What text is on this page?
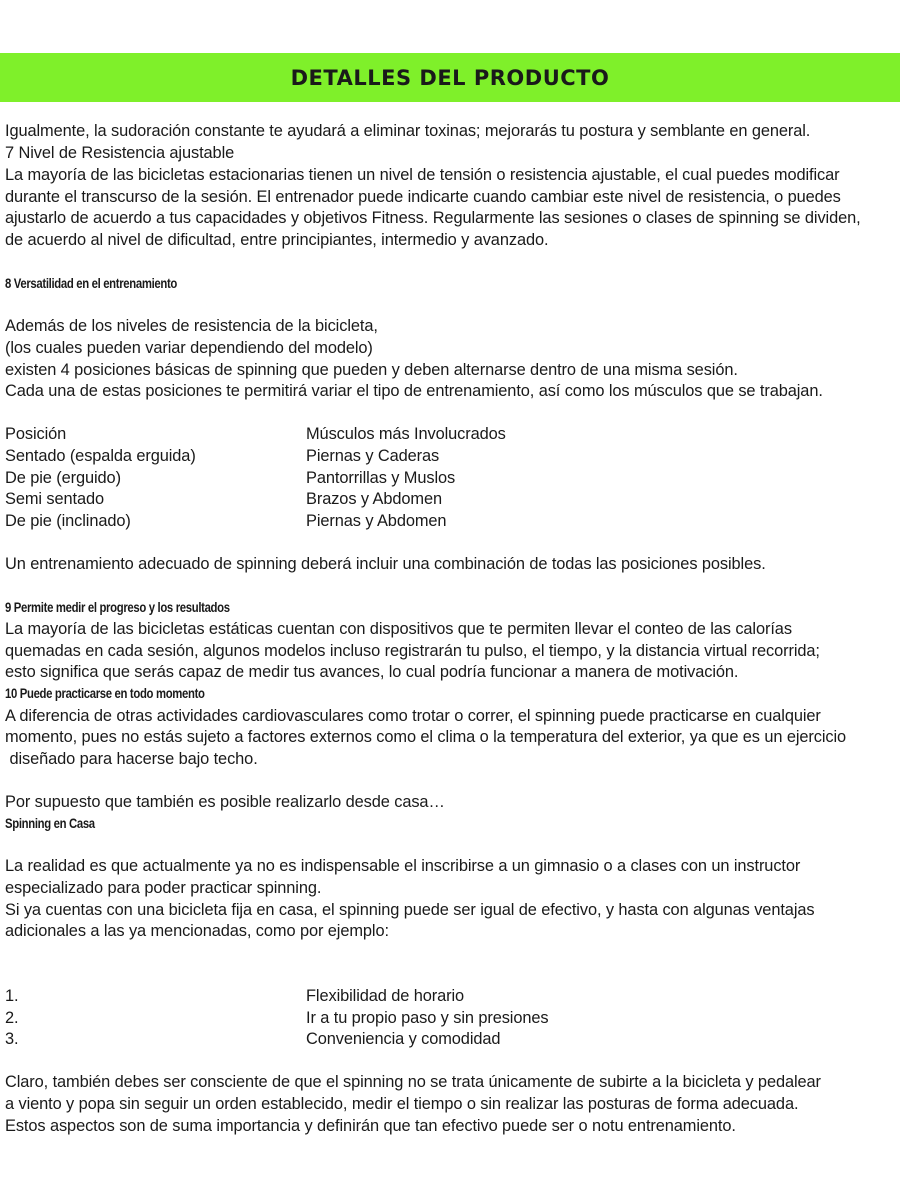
DETALLES DEL PRODUCTO
Igualmente, la sudoración constante te ayudará a eliminar toxinas; mejorarás tu postura y semblante en general.
7 Nivel de Resistencia ajustable
La mayoría de las bicicletas estacionarias tienen un nivel de tensión o resistencia ajustable, el cual puedes modificar
durante el transcurso de la sesión. El entrenador puede indicarte cuando cambiar este nivel de resistencia, o puedes
ajustarlo de acuerdo a tus capacidades y objetivos Fitness. Regularmente las sesiones o clases de spinning se dividen,
de acuerdo al nivel de dificultad, entre principiantes, intermedio y avanzado.
8 Versatilidad en el entrenamiento
Además de los niveles de resistencia de la bicicleta,
(los cuales pueden variar dependiendo del modelo)
existen 4 posiciones básicas de spinning que pueden y deben alternarse dentro de una misma sesión.
Cada una de estas posiciones te permitirá variar el tipo de entrenamiento, así como los músculos que se trabajan.
Posición	Músculos más Involucrados
Sentado (espalda erguida)	Piernas y Caderas
De pie (erguido)	Pantorrillas y Muslos
Semi sentado	Brazos y Abdomen
De pie (inclinado)	Piernas y Abdomen
Un entrenamiento adecuado de spinning deberá incluir una combinación de todas las posiciones posibles.
9 Permite medir el progreso y los resultados
La mayoría de las bicicletas estáticas cuentan con dispositivos que te permiten llevar el conteo de las calorías
quemadas en cada sesión, algunos modelos incluso registrarán tu pulso, el tiempo, y la distancia virtual recorrida;
esto significa que serás capaz de medir tus avances, lo cual podría funcionar a manera de motivación.
10 Puede practicarse en todo momento
A diferencia de otras actividades cardiovasculares como trotar o correr, el spinning puede practicarse en cualquier
momento, pues no estás sujeto a factores externos como el clima o la temperatura del exterior, ya que es un ejercicio
diseñado para hacerse bajo techo.
Por supuesto que también es posible realizarlo desde casa…
Spinning en Casa
La realidad es que actualmente ya no es indispensable el inscribirse a un gimnasio o a clases con un instructor
especializado para poder practicar spinning.
Si ya cuentas con una bicicleta fija en casa, el spinning puede ser igual de efectivo, y hasta con algunas ventajas
adicionales a las ya mencionadas, como por ejemplo:
1.	Flexibilidad de horario
2.	Ir a tu propio paso y sin presiones
3.	Conveniencia y comodidad
Claro, también debes ser consciente de que el spinning no se trata únicamente de subirte a la bicicleta y pedalear
a viento y popa sin seguir un orden establecido, medir el tiempo o sin realizar las posturas de forma adecuada.
Estos aspectos son de suma importancia y definirán que tan efectivo puede ser o notu entrenamiento.
